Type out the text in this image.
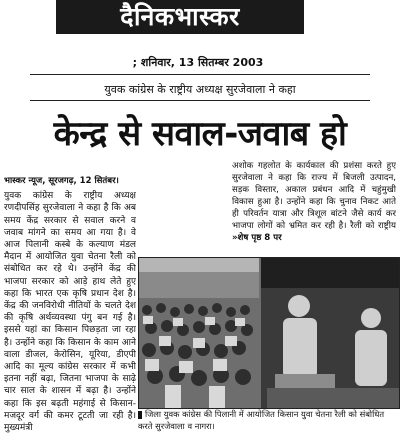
दैनिकभास्कर
; शनिवार, 13 सितम्बर 2003
युवक कांग्रेस के राष्ट्रीय अध्यक्ष सुरजेवाला ने कहा
केन्द्र से सवाल-जवाब हो
भास्कर न्यूज, सूरजगढ़, 12 सितंबर।
युवक कांग्रेस के राष्ट्रीय अध्यक्ष रणदीपसिंह सुरजेवाला ने कहा है कि अब समय केंद्र सरकार से सवाल करने व जवाब मांगने का समय आ गया है। वे आज पिलानी कस्बे के कल्याण मंडल मैदान में आयोजित युवा चेतना रैली को संबोधित कर रहे थे। उन्होंने केंद्र की भाजपा सरकार को आड़े हाथ लेते हुए कहा कि भारत एक कृषि प्रधान देश है। केंद्र की जनविरोधी नीतियों के चलते देश की कृषि अर्थव्यवस्था पंगु बन गई है। इससे यहां का किसान पिछड़ता जा रहा है। उन्होंने कहा कि किसान के काम आने वाला डीजल, केरोसिन, यूरिया, डीएपी आदि का मूल्य कांग्रेस सरकार में कभी इतना नहीं बढ़ा, जितना भाजपा के साढ़े चार साल के शासन में बढ़ा है। उन्होंने कहा कि इस बढ़ती महंगाई से किसान-मजदूर वर्ग की कमर टूटती जा रही है। मुख्यमंत्री
अशोक गहलोत के कार्यकाल की प्रशंसा करते हुए सुरजेवाला ने कहा कि राज्य में बिजली उत्पादन, सड़क विस्तार, अकाल प्रबंधन आदि में चहुंमुखी विकास हुआ है। उन्होंने कहा कि चुनाव निकट आते ही परिवर्तन यात्रा और त्रिशूल बांटने जैसे कार्य कर भाजपा लोगों को भ्रमित कर रही है। रैली को राष्ट्रीय »शेष पृष्ठ 8 पर
जिला युवक कांग्रेस की पिलानी में आयोजित किसान युवा चेतना रैली को संबोधित करते सुरजेवाला व नागरा।
